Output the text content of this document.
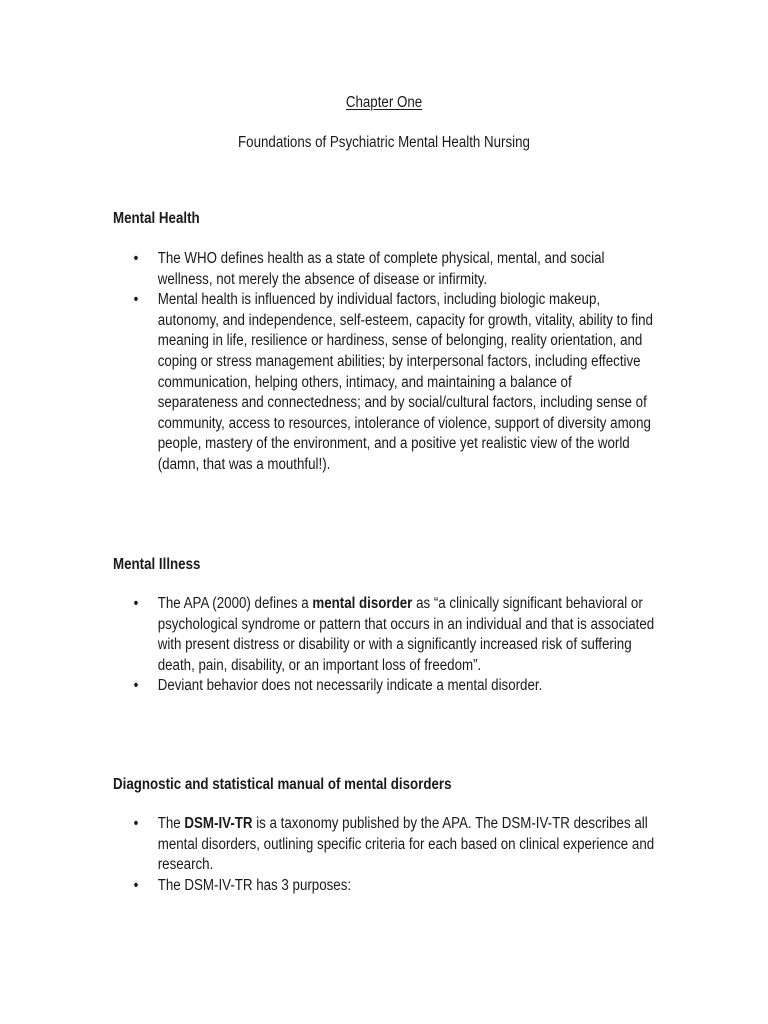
Chapter One
Foundations of Psychiatric Mental Health Nursing
Mental Health
• The WHO defines health as a state of complete physical, mental, and social wellness, not merely the absence of disease or infirmity.
• Mental health is influenced by individual factors, including biologic makeup, autonomy, and independence, self-esteem, capacity for growth, vitality, ability to find meaning in life, resilience or hardiness, sense of belonging, reality orientation, and coping or stress management abilities; by interpersonal factors, including effective communication, helping others, intimacy, and maintaining a balance of separateness and connectedness; and by social/cultural factors, including sense of community, access to resources, intolerance of violence, support of diversity among people, mastery of the environment, and a positive yet realistic view of the world (damn, that was a mouthful!).
Mental Illness
• The APA (2000) defines a mental disorder as “a clinically significant behavioral or psychological syndrome or pattern that occurs in an individual and that is associated with present distress or disability or with a significantly increased risk of suffering death, pain, disability, or an important loss of freedom”.
• Deviant behavior does not necessarily indicate a mental disorder.
Diagnostic and statistical manual of mental disorders
• The DSM-IV-TR is a taxonomy published by the APA. The DSM-IV-TR describes all mental disorders, outlining specific criteria for each based on clinical experience and research.
• The DSM-IV-TR has 3 purposes:
